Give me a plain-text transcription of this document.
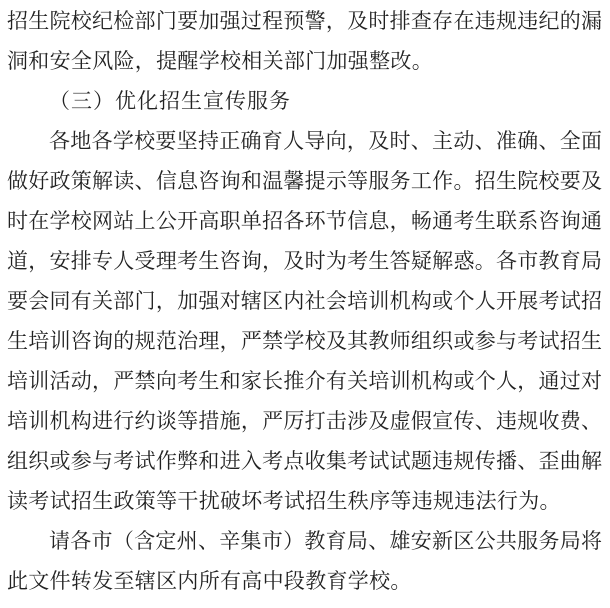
招生院校纪检部门要加强过程预警，及时排查存在违规违纪的漏
洞和安全风险，提醒学校相关部门加强整改。
（三）优化招生宣传服务
各地各学校要坚持正确育人导向，及时、主动、准确、全面
做好政策解读、信息咨询和温馨提示等服务工作。招生院校要及
时在学校网站上公开高职单招各环节信息，畅通考生联系咨询通
道，安排专人受理考生咨询，及时为考生答疑解惑。各市教育局
要会同有关部门，加强对辖区内社会培训机构或个人开展考试招
生培训咨询的规范治理，严禁学校及其教师组织或参与考试招生
培训活动，严禁向考生和家长推介有关培训机构或个人，通过对
培训机构进行约谈等措施，严厉打击涉及虚假宣传、违规收费、
组织或参与考试作弊和进入考点收集考试试题违规传播、歪曲解
读考试招生政策等干扰破坏考试招生秩序等违规违法行为。
请各市（含定州、辛集市）教育局、雄安新区公共服务局将
此文件转发至辖区内所有高中段教育学校。
